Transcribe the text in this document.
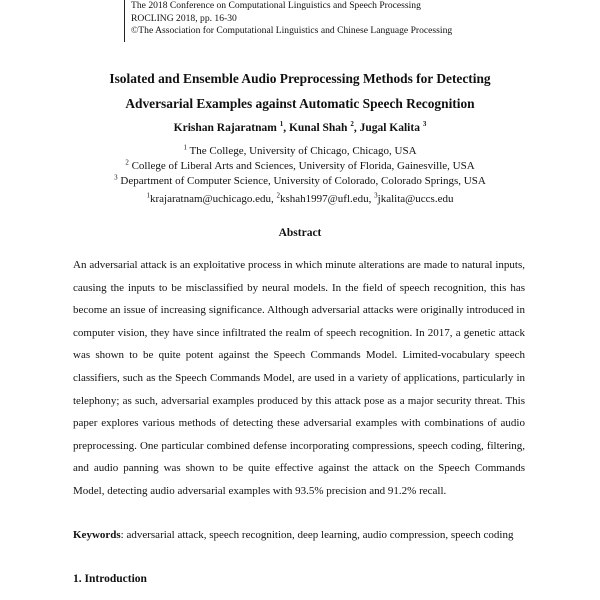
The 2018 Conference on Computational Linguistics and Speech Processing
ROCLING 2018, pp. 16-30
©The Association for Computational Linguistics and Chinese Language Processing
Isolated and Ensemble Audio Preprocessing Methods for Detecting
Adversarial Examples against Automatic Speech Recognition
Krishan Rajaratnam $^1$, Kunal Shah $^2$, Jugal Kalita $^3$
$^1$ The College, University of Chicago, Chicago, USA
$^2$ College of Liberal Arts and Sciences, University of Florida, Gainesville, USA
$^3$ Department of Computer Science, University of Colorado, Colorado Springs, USA
$^1$krajaratnam@uchicago.edu, $^2$kshah1997@ufl.edu, $^3$jkalita@uccs.edu
Abstract
An adversarial attack is an exploitative process in which minute alterations are made to natural inputs, causing the inputs to be misclassified by neural models. In the field of speech recognition, this has become an issue of increasing significance. Although adversarial attacks were originally introduced in computer vision, they have since infiltrated the realm of speech recognition. In 2017, a genetic attack was shown to be quite potent against the Speech Commands Model. Limited-vocabulary speech classifiers, such as the Speech Commands Model, are used in a variety of applications, particularly in telephony; as such, adversarial examples produced by this attack pose as a major security threat. This paper explores various methods of detecting these adversarial examples with combinations of audio preprocessing. One particular combined defense incorporating compressions, speech coding, filtering, and audio panning was shown to be quite effective against the attack on the Speech Commands Model, detecting audio adversarial examples with 93.5% precision and 91.2% recall.
Keywords: adversarial attack, speech recognition, deep learning, audio compression, speech coding
1. Introduction
